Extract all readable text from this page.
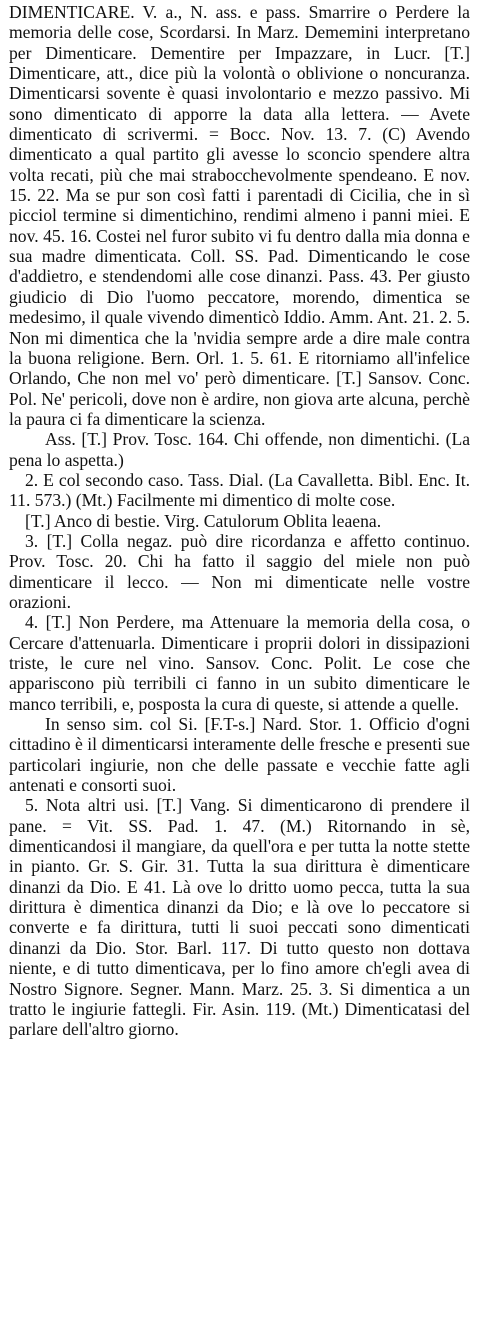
DIMENTICARE. V. a., N. ass. e pass. Smarrire o Perdere la memoria delle cose, Scordarsi. In Marz. Dememini interpretano per Dimenticare. Dementire per Impazzare, in Lucr. [T.] Dimenticare, att., dice più la volontà o oblivione o noncuranza. Dimenticarsi sovente è quasi involontario e mezzo passivo. Mi sono dimenticato di apporre la data alla lettera. — Avete dimenticato di scrivermi. = Bocc. Nov. 13. 7. (C) Avendo dimenticato a qual partito gli avesse lo sconcio spendere altra volta recati, più che mai strabocchevolmente spendeano. E nov. 15. 22. Ma se pur son così fatti i parentadi di Cicilia, che in sì picciol termine si dimentichino, rendimi almeno i panni miei. E nov. 45. 16. Costei nel furor subito vi fu dentro dalla mia donna e sua madre dimenticata. Coll. SS. Pad. Dimenticando le cose d'addietro, e stendendomi alle cose dinanzi. Pass. 43. Per giusto giudicio di Dio l'uomo peccatore, morendo, dimentica se medesimo, il quale vivendo dimenticò Iddio. Amm. Ant. 21. 2. 5. Non mi dimentica che la 'nvidia sempre arde a dire male contra la buona religione. Bern. Orl. 1. 5. 61. E ritorniamo all'infelice Orlando, Che non mel vo' però dimenticare. [T.] Sansov. Conc. Pol. Ne' pericoli, dove non è ardire, non giova arte alcuna, perchè la paura ci fa dimenticare la scienza.

Ass. [T.] Prov. Tosc. 164. Chi offende, non dimentichi. (La pena lo aspetta.)

2. E col secondo caso. Tass. Dial. (La Cavalletta. Bibl. Enc. It. 11. 573.) (Mt.) Facilmente mi dimentico di molte cose.

[T.] Anco di bestie. Virg. Catulorum Oblita leaena.

3. [T.] Colla negaz. può dire ricordanza e affetto continuo. Prov. Tosc. 20. Chi ha fatto il saggio del miele non può dimenticare il lecco. — Non mi dimenticate nelle vostre orazioni.

4. [T.] Non Perdere, ma Attenuare la memoria della cosa, o Cercare d'attenuarla. Dimenticare i proprii dolori in dissipazioni triste, le cure nel vino. Sansov. Conc. Polit. Le cose che appariscono più terribili ci fanno in un subito dimenticare le manco terribili, e, posposta la cura di queste, si attende a quelle.

In senso sim. col Si. [F.T-s.] Nard. Stor. 1. Officio d'ogni cittadino è il dimenticarsi interamente delle fresche e presenti sue particolari ingiurie, non che delle passate e vecchie fatte agli antenati e consorti suoi.

5. Nota altri usi. [T.] Vang. Si dimenticarono di prendere il pane. = Vit. SS. Pad. 1. 47. (M.) Ritornando in sè, dimenticandosi il mangiare, da quell'ora e per tutta la notte stette in pianto. Gr. S. Gir. 31. Tutta la sua dirittura è dimenticare dinanzi da Dio. E 41. Là ove lo dritto uomo pecca, tutta la sua dirittura è dimentica dinanzi da Dio; e là ove lo peccatore si converte e fa dirittura, tutti li suoi peccati sono dimenticati dinanzi da Dio. Stor. Barl. 117. Di tutto questo non dottava niente, e di tutto dimenticava, per lo fino amore ch'egli avea di Nostro Signore. Segner. Mann. Marz. 25. 3. Si dimentica a un tratto le ingiurie fattegli. Fir. Asin. 119. (Mt.) Dimenticatasi del parlare dell'altro giorno.
